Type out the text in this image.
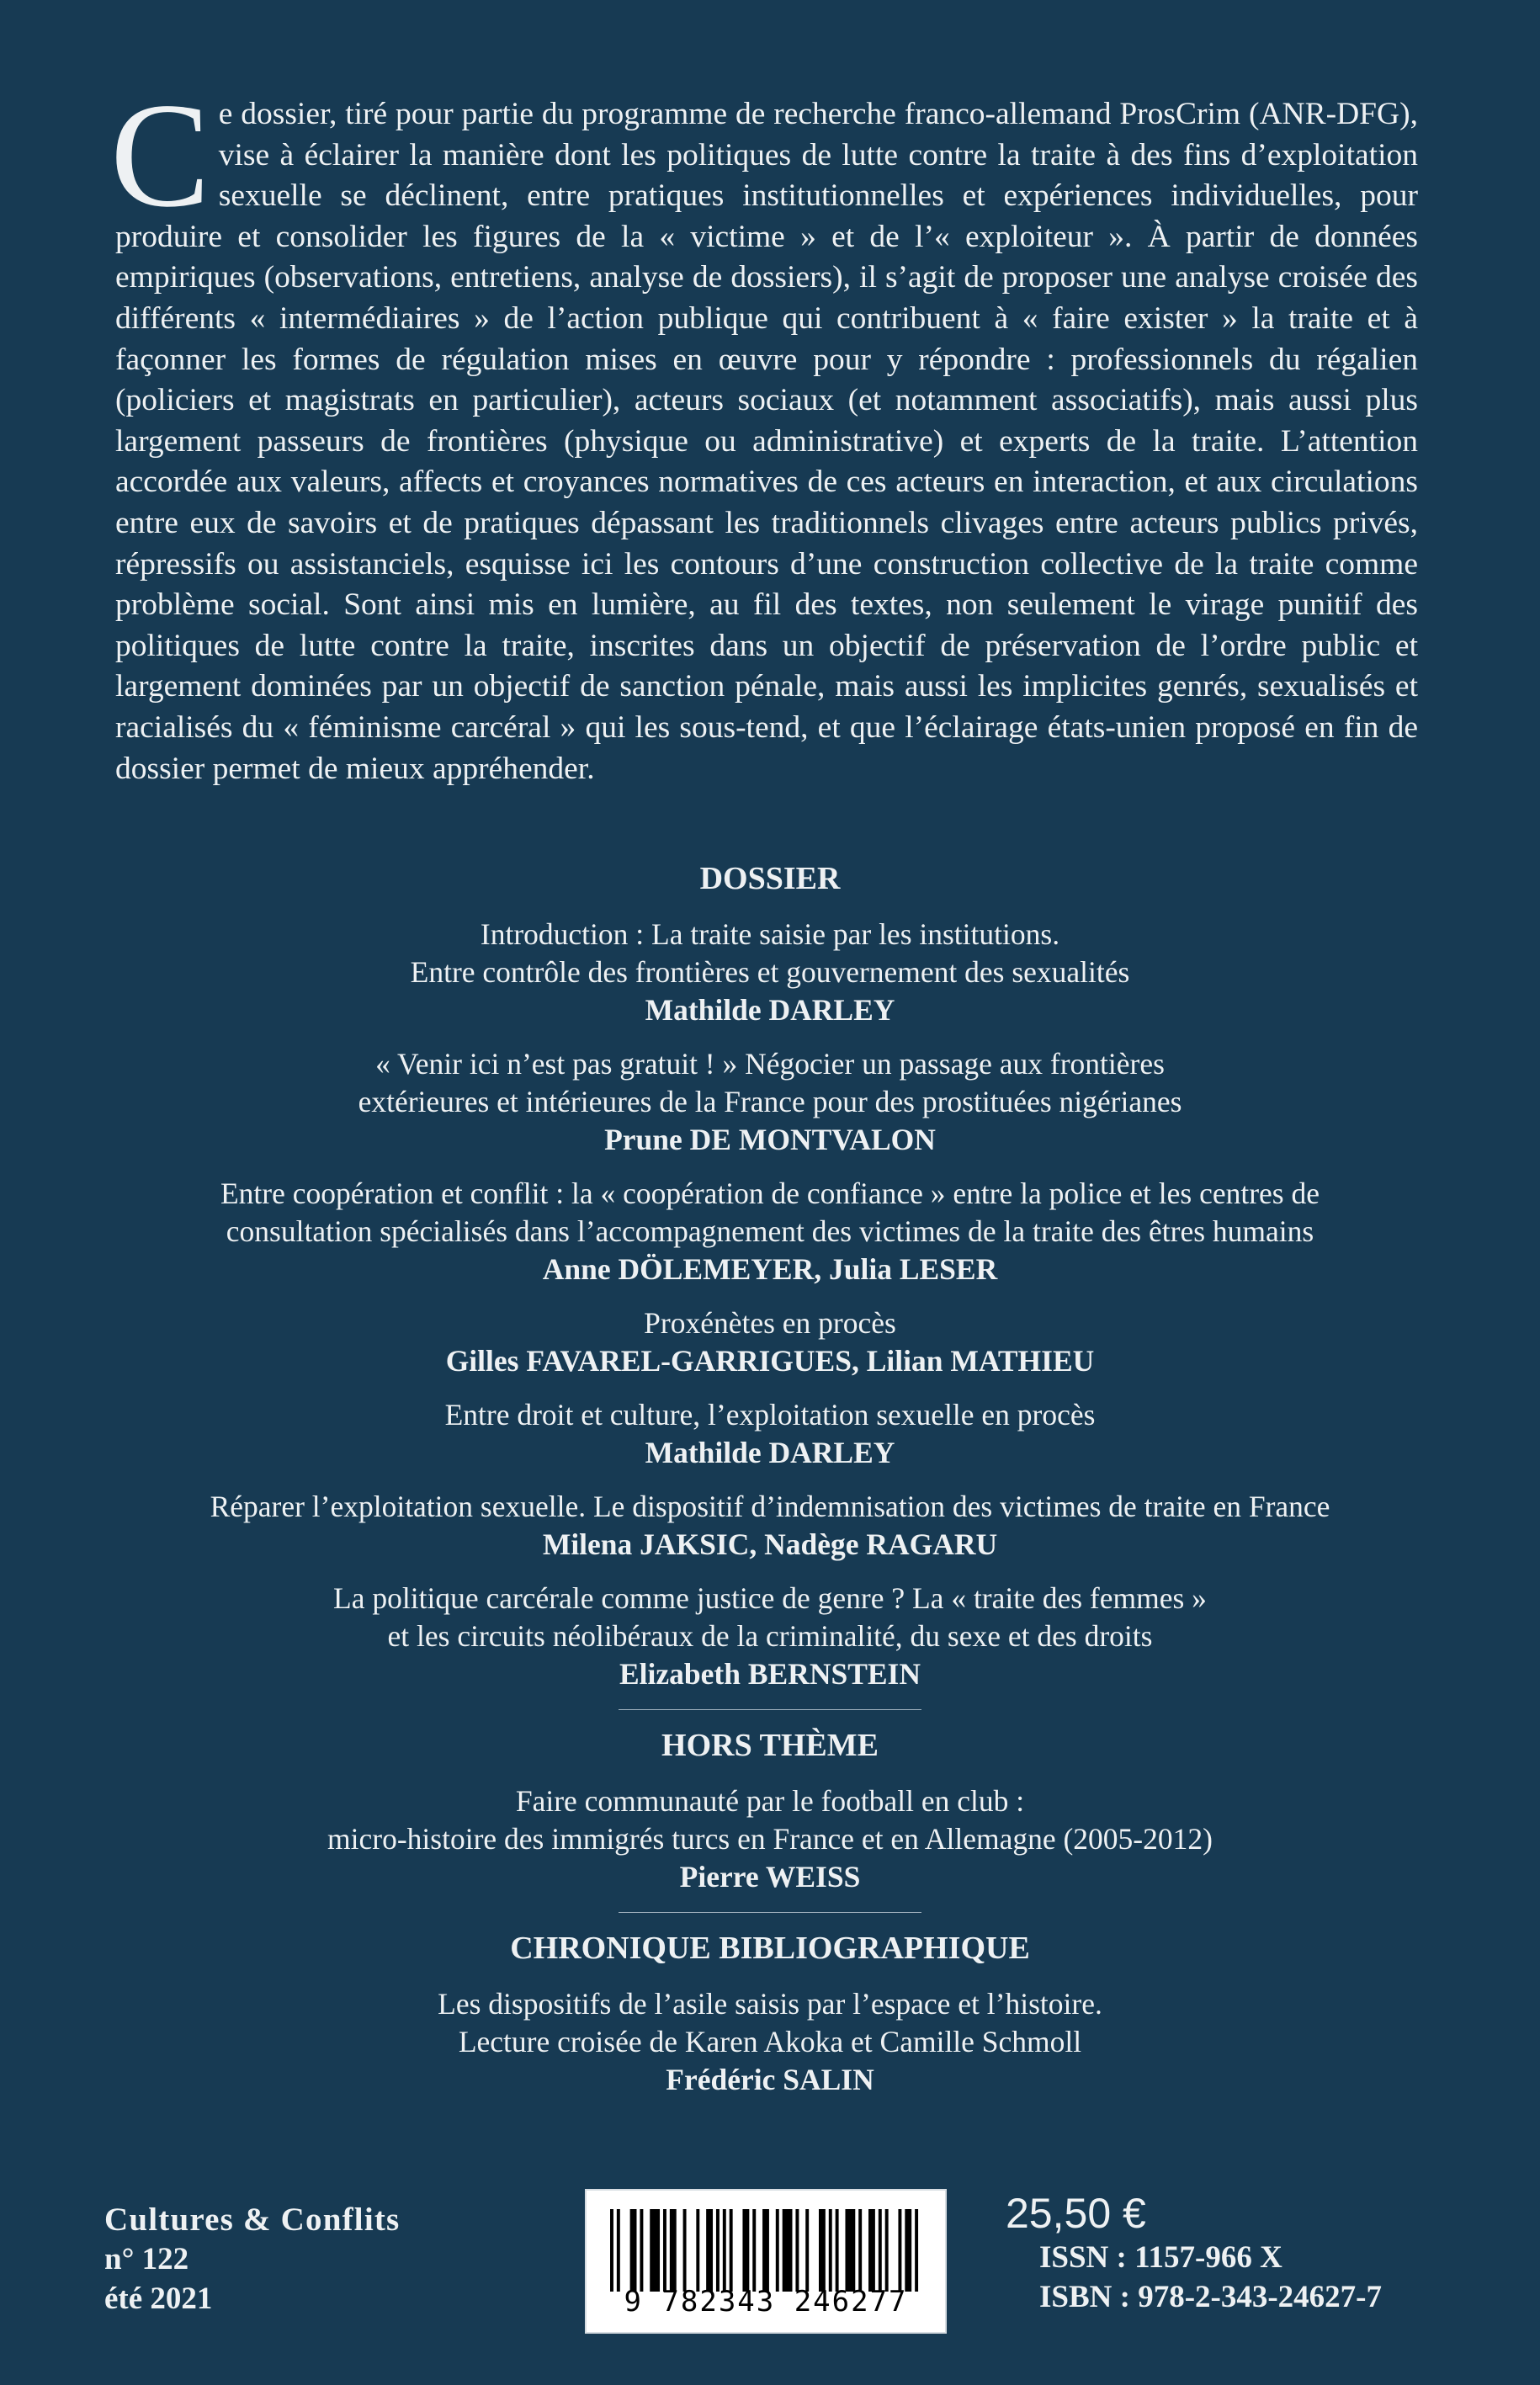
Ce dossier, tiré pour partie du programme de recherche franco-allemand ProsCrim (ANR-DFG), vise à éclairer la manière dont les politiques de lutte contre la traite à des fins d’exploitation sexuelle se déclinent, entre pratiques institutionnelles et expériences individuelles, pour produire et consolider les figures de la « victime » et de l’« exploiteur ». À partir de données empiriques (observations, entretiens, analyse de dossiers), il s’agit de proposer une analyse croisée des différents « intermédiaires » de l’action publique qui contribuent à « faire exister » la traite et à façonner les formes de régulation mises en œuvre pour y répondre : professionnels du régalien (policiers et magistrats en particulier), acteurs sociaux (et notamment associatifs), mais aussi plus largement passeurs de frontières (physique ou administrative) et experts de la traite. L’attention accordée aux valeurs, affects et croyances normatives de ces acteurs en interaction, et aux circulations entre eux de savoirs et de pratiques dépassant les traditionnels clivages entre acteurs publics privés, répressifs ou assistanciels, esquisse ici les contours d’une construction collective de la traite comme problème social. Sont ainsi mis en lumière, au fil des textes, non seulement le virage punitif des politiques de lutte contre la traite, inscrites dans un objectif de préservation de l’ordre public et largement dominées par un objectif de sanction pénale, mais aussi les implicites genrés, sexualisés et racialisés du « féminisme carcéral » qui les sous-tend, et que l’éclairage états-unien proposé en fin de dossier permet de mieux appréhender.
DOSSIER
Introduction : La traite saisie par les institutions.
Entre contrôle des frontières et gouvernement des sexualités
Mathilde DARLEY
« Venir ici n’est pas gratuit ! » Négocier un passage aux frontières
extérieures et intérieures de la France pour des prostituées nigérianes
Prune DE MONTVALON
Entre coopération et conflit : la « coopération de confiance » entre la police et les centres de
consultation spécialisés dans l’accompagnement des victimes de la traite des êtres humains
Anne DÖLEMEYER, Julia LESER
Proxénètes en procès
Gilles FAVAREL-GARRIGUES, Lilian MATHIEU
Entre droit et culture, l’exploitation sexuelle en procès
Mathilde DARLEY
Réparer l’exploitation sexuelle. Le dispositif d’indemnisation des victimes de traite en France
Milena JAKSIC, Nadège RAGARU
La politique carcérale comme justice de genre ? La « traite des femmes »
et les circuits néolibéraux de la criminalité, du sexe et des droits
Elizabeth BERNSTEIN
HORS THÈME
Faire communauté par le football en club :
micro-histoire des immigrés turcs en France et en Allemagne (2005-2012)
Pierre WEISS
CHRONIQUE BIBLIOGRAPHIQUE
Les dispositifs de l’asile saisis par l’espace et l’histoire.
Lecture croisée de Karen Akoka et Camille Schmoll
Frédéric SALIN
Cultures & Conflits
n° 122
été 2021	9 782343 246277
25,50 €
ISSN : 1157-966 X
ISBN : 978-2-343-24627-7
